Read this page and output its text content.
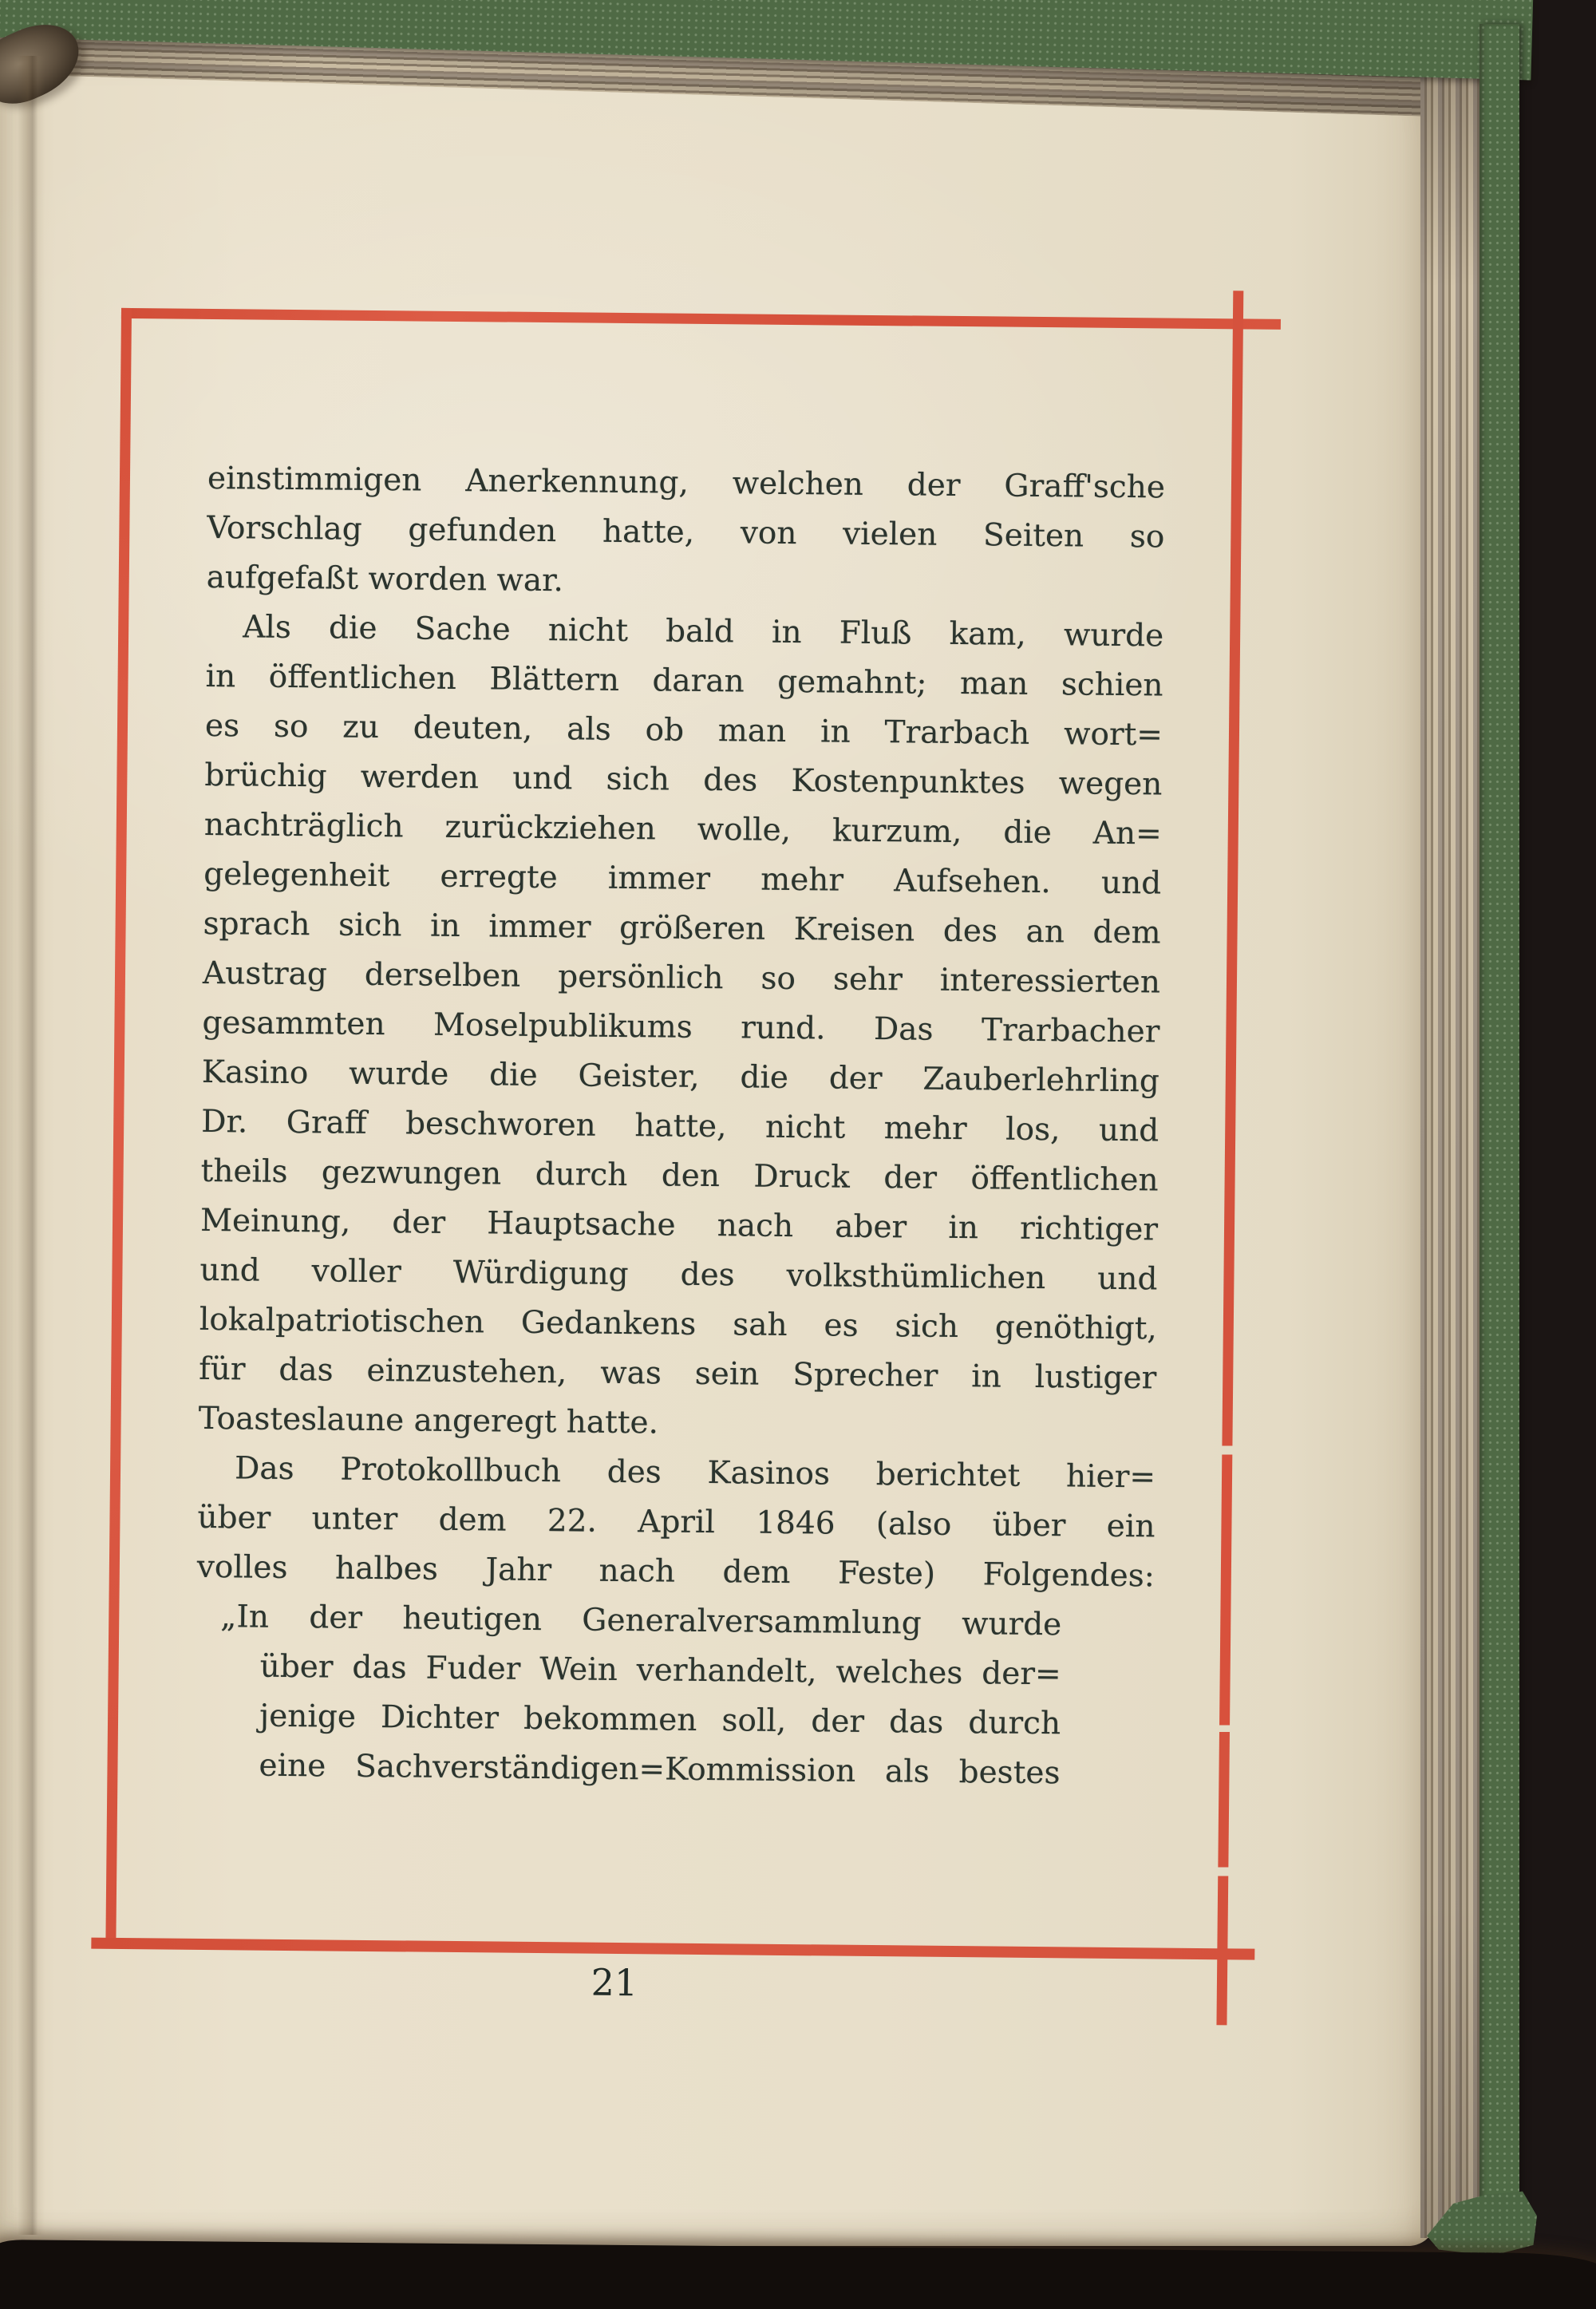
einstimmigen Anerkennung, welchen der Graff'sche
Vorschlag gefunden hatte, von vielen Seiten so
aufgefaßt worden war.
Als die Sache nicht bald in Fluß kam, wurde
in öffentlichen Blättern daran gemahnt; man schien
es so zu deuten, als ob man in Trarbach wort=
brüchig werden und sich des Kostenpunktes wegen
nachträglich zurückziehen wolle, kurzum, die An=
gelegenheit erregte immer mehr Aufsehen. und
sprach sich in immer größeren Kreisen des an dem
Austrag derselben persönlich so sehr interessierten
gesammten Moselpublikums rund. Das Trarbacher
Kasino wurde die Geister, die der Zauberlehrling
Dr. Graff beschworen hatte, nicht mehr los, und
theils gezwungen durch den Druck der öffentlichen
Meinung, der Hauptsache nach aber in richtiger
und voller Würdigung des volksthümlichen und
lokalpatriotischen Gedankens sah es sich genöthigt,
für das einzustehen, was sein Sprecher in lustiger
Toasteslaune angeregt hatte.
Das Protokollbuch des Kasinos berichtet hier=
über unter dem 22. April 1846 (also über ein
volles halbes Jahr nach dem Feste) Folgendes:
„In der heutigen Generalversammlung wurde
über das Fuder Wein verhandelt, welches der=
jenige Dichter bekommen soll, der das durch
eine Sachverständigen=Kommission als bestes
21
